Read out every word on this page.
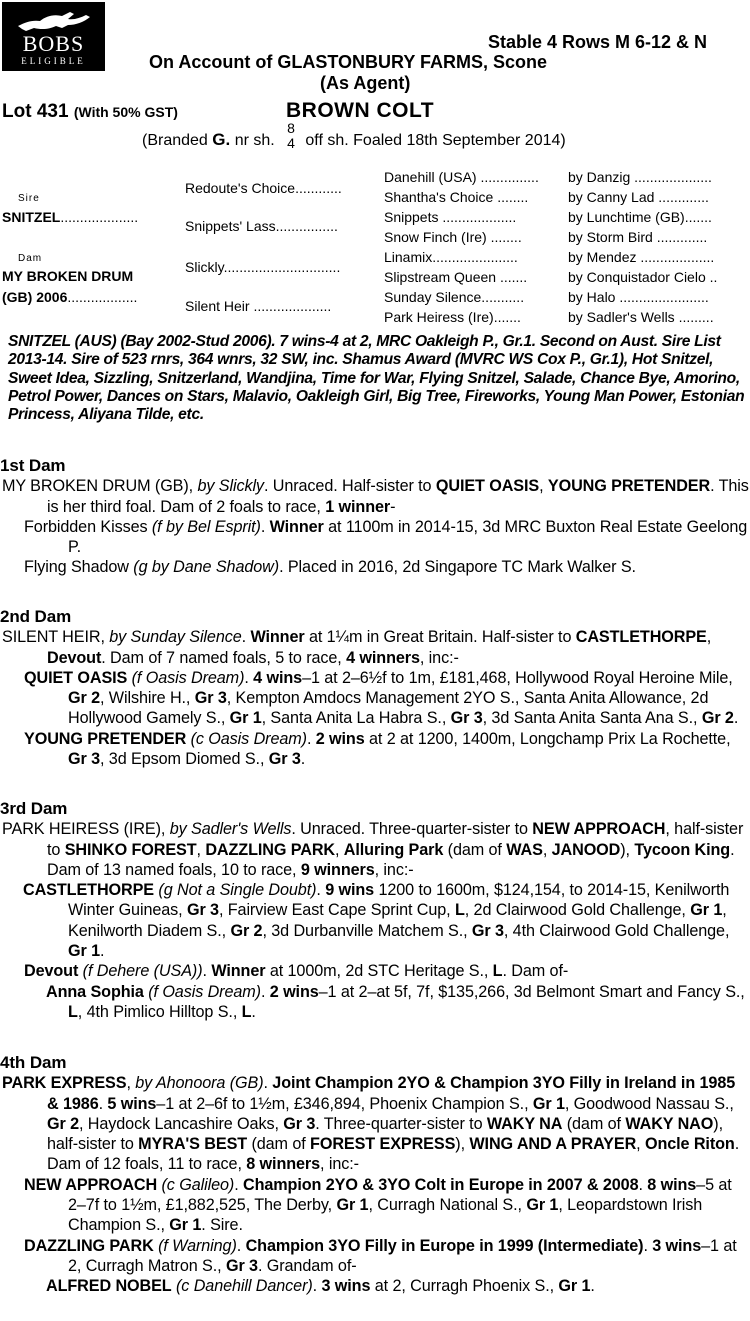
BOBS
ELIGIBLE
Stable 4 Rows M 6-12 & N
On Account of GLASTONBURY FARMS, Scone
(As Agent)
Lot 431 (With 50% GST)	BROWN COLT
(Branded G. nr sh. 8
4 off sh. Foaled 18th September 2014)
Sire
SNITZEL....................
Dam
MY BROKEN DRUM
(GB) 2006..................
Redoute's Choice............
Snippets' Lass................
Slickly..............................
Silent Heir ....................
Danehill (USA) ...............
Shantha's Choice ........
Snippets ...................
Snow Finch (Ire) ........
Linamix......................
Slipstream Queen .......
Sunday Silence...........
Park Heiress (Ire).......
by Danzig ....................
by Canny Lad .............
by Lunchtime (GB).......
by Storm Bird .............
by Mendez ...................
by Conquistador Cielo ..
by Halo .......................
by Sadler's Wells .........
SNITZEL (AUS) (Bay 2002-Stud 2006). 7 wins-4 at 2, MRC Oakleigh P., Gr.1. Second on Aust. Sire List 2013-14. Sire of 523 rnrs, 364 wnrs, 32 SW, inc. Shamus Award (MVRC WS Cox P., Gr.1), Hot Snitzel, Sweet Idea, Sizzling, Snitzerland, Wandjina, Time for War, Flying Snitzel, Salade, Chance Bye, Amorino, Petrol Power, Dances on Stars, Malavio, Oakleigh Girl, Big Tree, Fireworks, Young Man Power, Estonian Princess, Aliyana Tilde, etc.

1st Dam

MY BROKEN DRUM (GB), by Slickly. Unraced. Half-sister to QUIET OASIS, YOUNG PRETENDER. This is her third foal. Dam of 2 foals to race, 1 winner-

Forbidden Kisses (f by Bel Esprit). Winner at 1100m in 2014-15, 3d MRC Buxton Real Estate Geelong P.

Flying Shadow (g by Dane Shadow). Placed in 2016, 2d Singapore TC Mark Walker S.

2nd Dam

SILENT HEIR, by Sunday Silence. Winner at 1¼m in Great Britain. Half-sister to CASTLETHORPE, Devout. Dam of 7 named foals, 5 to race, 4 winners, inc:-

QUIET OASIS (f Oasis Dream). 4 wins–1 at 2–6½f to 1m, £181,468, Hollywood Royal Heroine Mile, Gr 2, Wilshire H., Gr 3, Kempton Amdocs Management 2YO S., Santa Anita Allowance, 2d Hollywood Gamely S., Gr 1, Santa Anita La Habra S., Gr 3, 3d Santa Anita Santa Ana S., Gr 2.

YOUNG PRETENDER (c Oasis Dream). 2 wins at 2 at 1200, 1400m, Longchamp Prix La Rochette, Gr 3, 3d Epsom Diomed S., Gr 3.

3rd Dam

PARK HEIRESS (IRE), by Sadler's Wells. Unraced. Three-quarter-sister to NEW APPROACH, half-sister to SHINKO FOREST, DAZZLING PARK, Alluring Park (dam of WAS, JANOOD), Tycoon King. Dam of 13 named foals, 10 to race, 9 winners, inc:-

CASTLETHORPE (g Not a Single Doubt). 9 wins 1200 to 1600m, $124,154, to 2014-15, Kenilworth Winter Guineas, Gr 3, Fairview East Cape Sprint Cup, L, 2d Clairwood Gold Challenge, Gr 1, Kenilworth Diadem S., Gr 2, 3d Durbanville Matchem S., Gr 3, 4th Clairwood Gold Challenge, Gr 1.

Devout (f Dehere (USA)). Winner at 1000m, 2d STC Heritage S., L. Dam of-

Anna Sophia (f Oasis Dream). 2 wins–1 at 2–at 5f, 7f, $135,266, 3d Belmont Smart and Fancy S., L, 4th Pimlico Hilltop S., L.

4th Dam

PARK EXPRESS, by Ahonoora (GB). Joint Champion 2YO & Champion 3YO Filly in Ireland in 1985 & 1986. 5 wins–1 at 2–6f to 1½m, £346,894, Phoenix Champion S., Gr 1, Goodwood Nassau S., Gr 2, Haydock Lancashire Oaks, Gr 3. Three-quarter-sister to WAKY NA (dam of WAKY NAO), half-sister to MYRA'S BEST (dam of FOREST EXPRESS), WING AND A PRAYER, Oncle Riton. Dam of 12 foals, 11 to race, 8 winners, inc:-

NEW APPROACH (c Galileo). Champion 2YO & 3YO Colt in Europe in 2007 & 2008. 8 wins–5 at 2–7f to 1½m, £1,882,525, The Derby, Gr 1, Curragh National S., Gr 1, Leopardstown Irish Champion S., Gr 1. Sire.

DAZZLING PARK (f Warning). Champion 3YO Filly in Europe in 1999 (Intermediate). 3 wins–1 at 2, Curragh Matron S., Gr 3. Grandam of-

ALFRED NOBEL (c Danehill Dancer). 3 wins at 2, Curragh Phoenix S., Gr 1.
